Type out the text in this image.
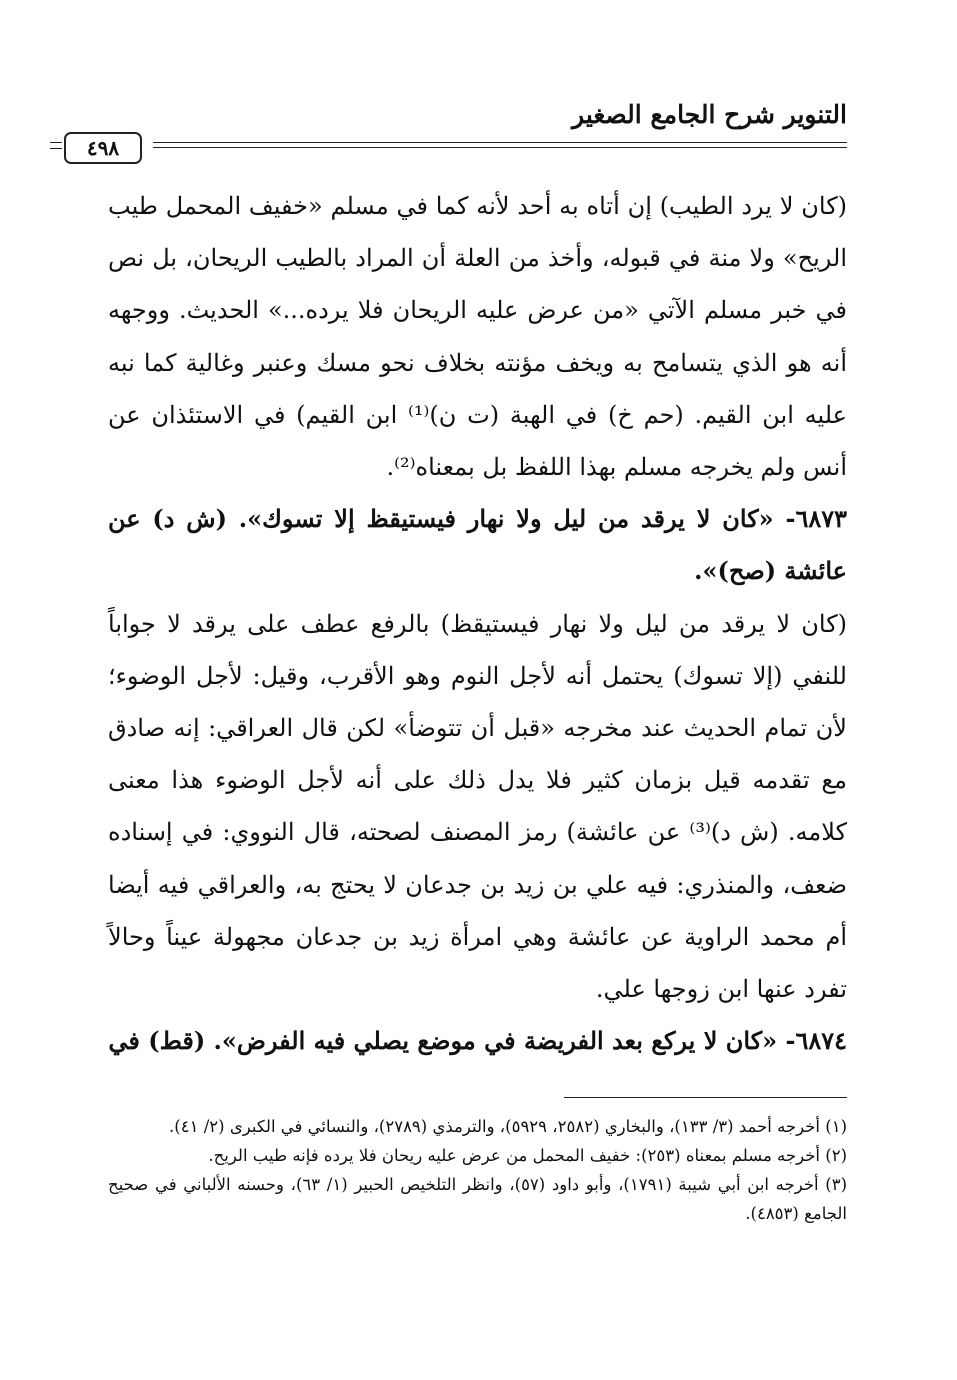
التنوير شرح الجامع الصغير
٤٩٨

(كان لا يرد الطيب) إن أتاه به أحد لأنه كما في مسلم «خفيف المحمل طيب الريح» ولا منة في قبوله، وأخذ من العلة أن المراد بالطيب الريحان، بل نص في خبر مسلم الآتي «من عرض عليه الريحان فلا يرده...» الحديث. ووجهه أنه هو الذي يتسامح به ويخف مؤنته بخلاف نحو مسك وعنبر وغالية كما نبه عليه ابن القيم. (حم خ) في الهبة (ت ن)⁽¹⁾ ابن القيم) في الاستئذان عن أنس ولم يخرجه مسلم بهذا اللفظ بل بمعناه⁽²⁾.

٦٨٧٣- «كان لا يرقد من ليل ولا نهار فيستيقظ إلا تسوك». (ش د) عن عائشة (صح)».

(كان لا يرقد من ليل ولا نهار فيستيقظ) بالرفع عطف على يرقد لا جواباً للنفي (إلا تسوك) يحتمل أنه لأجل النوم وهو الأقرب، وقيل: لأجل الوضوء؛ لأن تمام الحديث عند مخرجه «قبل أن تتوضأ» لكن قال العراقي: إنه صادق مع تقدمه قيل بزمان كثير فلا يدل ذلك على أنه لأجل الوضوء هذا معنى كلامه. (ش د)⁽³⁾ عن عائشة) رمز المصنف لصحته، قال النووي: في إسناده ضعف، والمنذري: فيه علي بن زيد بن جدعان لا يحتج به، والعراقي فيه أيضا أم محمد الراوية عن عائشة وهي امرأة زيد بن جدعان مجهولة عيناً وحالاً تفرد عنها ابن زوجها علي.

٦٨٧٤- «كان لا يركع بعد الفريضة في موضع يصلي فيه الفرض». (قط) في

(١) أخرجه أحمد (٣/ ١٣٣)، والبخاري (٢٥٨٢، ٥٩٢٩)، والترمذي (٢٧٨٩)، والنسائي في الكبرى (٢/ ٤١).

(٢) أخرجه مسلم بمعناه (٢٥٣): خفيف المحمل من عرض عليه ريحان فلا يرده فإنه طيب الريح.

(٣) أخرجه ابن أبي شيبة (١٧٩١)، وأبو داود (٥٧)، وانظر التلخيص الحبير (١/ ٦٣)، وحسنه الألباني في صحيح الجامع (٤٨٥٣).
